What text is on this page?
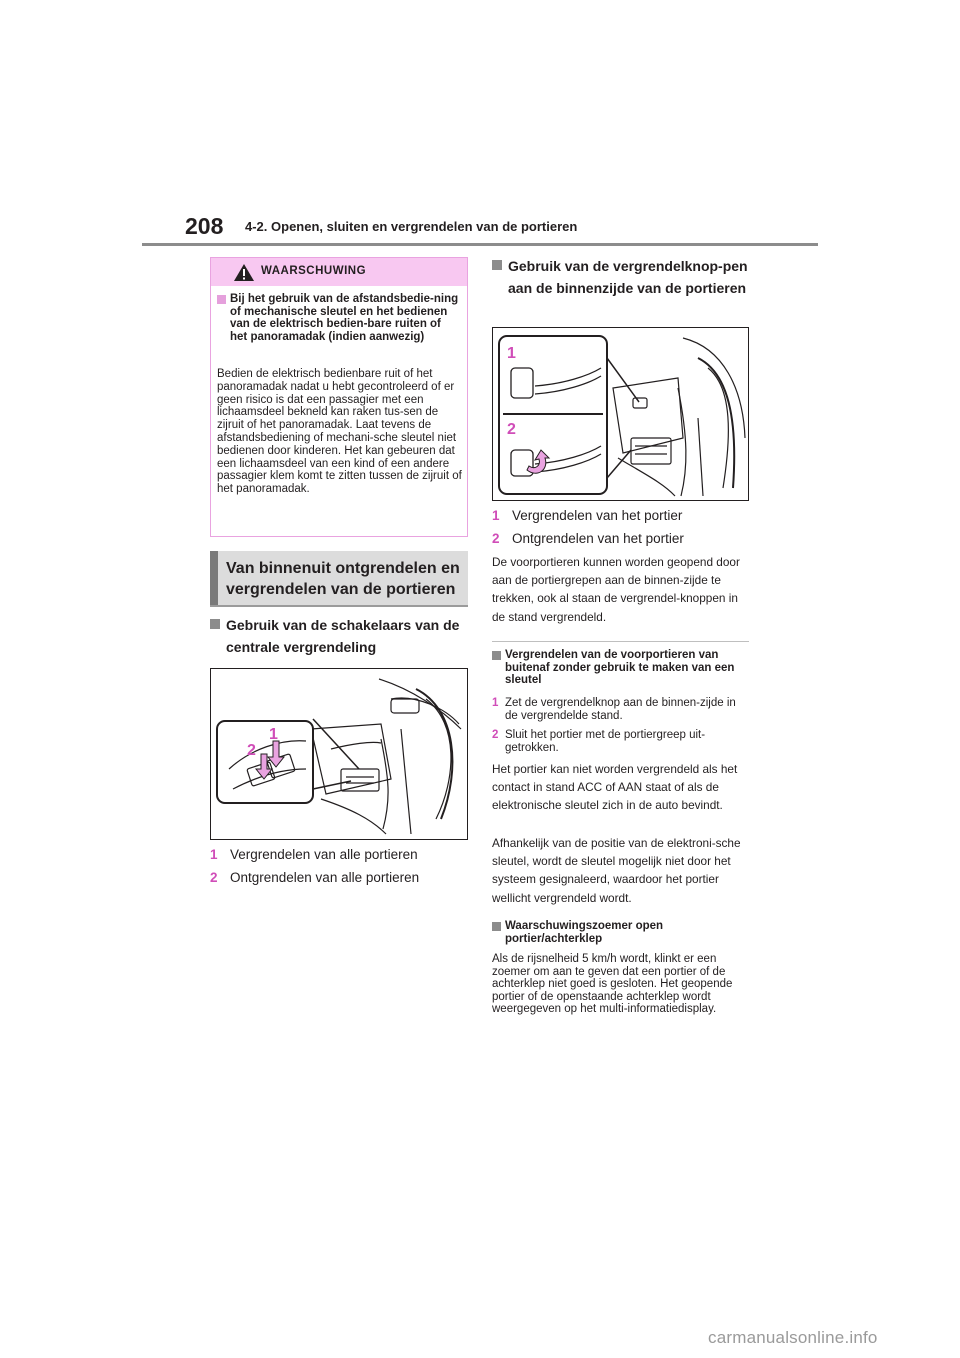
208 4-2. Openen, sluiten en vergrendelen van de portieren
WAARSCHUWING
Bij het gebruik van de afstandsbedie-ning of mechanische sleutel en het bedienen van de elektrisch bedien-bare ruiten of het panoramadak (indien aanwezig)
Bedien de elektrisch bedienbare ruit of het panoramadak nadat u hebt gecontroleerd of er geen risico is dat een passagier met een lichaamsdeel bekneld kan raken tus-sen de zijruit of het panoramadak. Laat tevens de afstandsbediening of mechani-sche sleutel niet bedienen door kinderen. Het kan gebeuren dat een lichaamsdeel van een kind of een andere passagier klem komt te zitten tussen de zijruit of het panoramadak.
Van binnenuit ontgrendelen en vergrendelen van de portieren
Gebruik van de schakelaars van de centrale vergrendeling
2
1
1 Vergrendelen van alle portieren
2 Ontgrendelen van alle portieren
Gebruik van de vergrendelknop-pen aan de binnenzijde van de portieren
1
2
1 Vergrendelen van het portier
2 Ontgrendelen van het portier
De voorportieren kunnen worden geopend door aan de portiergrepen aan de binnen-zijde te trekken, ook al staan de vergrendel-knoppen in de stand vergrendeld.
Vergrendelen van de voorportieren van buitenaf zonder gebruik te maken van een sleutel
1 Zet de vergrendelknop aan de binnen-zijde in de vergrendelde stand.
2 Sluit het portier met de portiergreep uit-getrokken.
Het portier kan niet worden vergrendeld als het contact in stand ACC of AAN staat of als de elektronische sleutel zich in de auto bevindt.
Afhankelijk van de positie van de elektroni-sche sleutel, wordt de sleutel mogelijk niet door het systeem gesignaleerd, waardoor het portier wellicht vergrendeld wordt.
Waarschuwingszoemer open portier/achterklep
Als de rijsnelheid 5 km/h wordt, klinkt er een zoemer om aan te geven dat een portier of de achterklep niet goed is gesloten. Het geopende portier of de openstaande achterklep wordt weergegeven op het multi-informatiedisplay.
carmanualsonline.info
